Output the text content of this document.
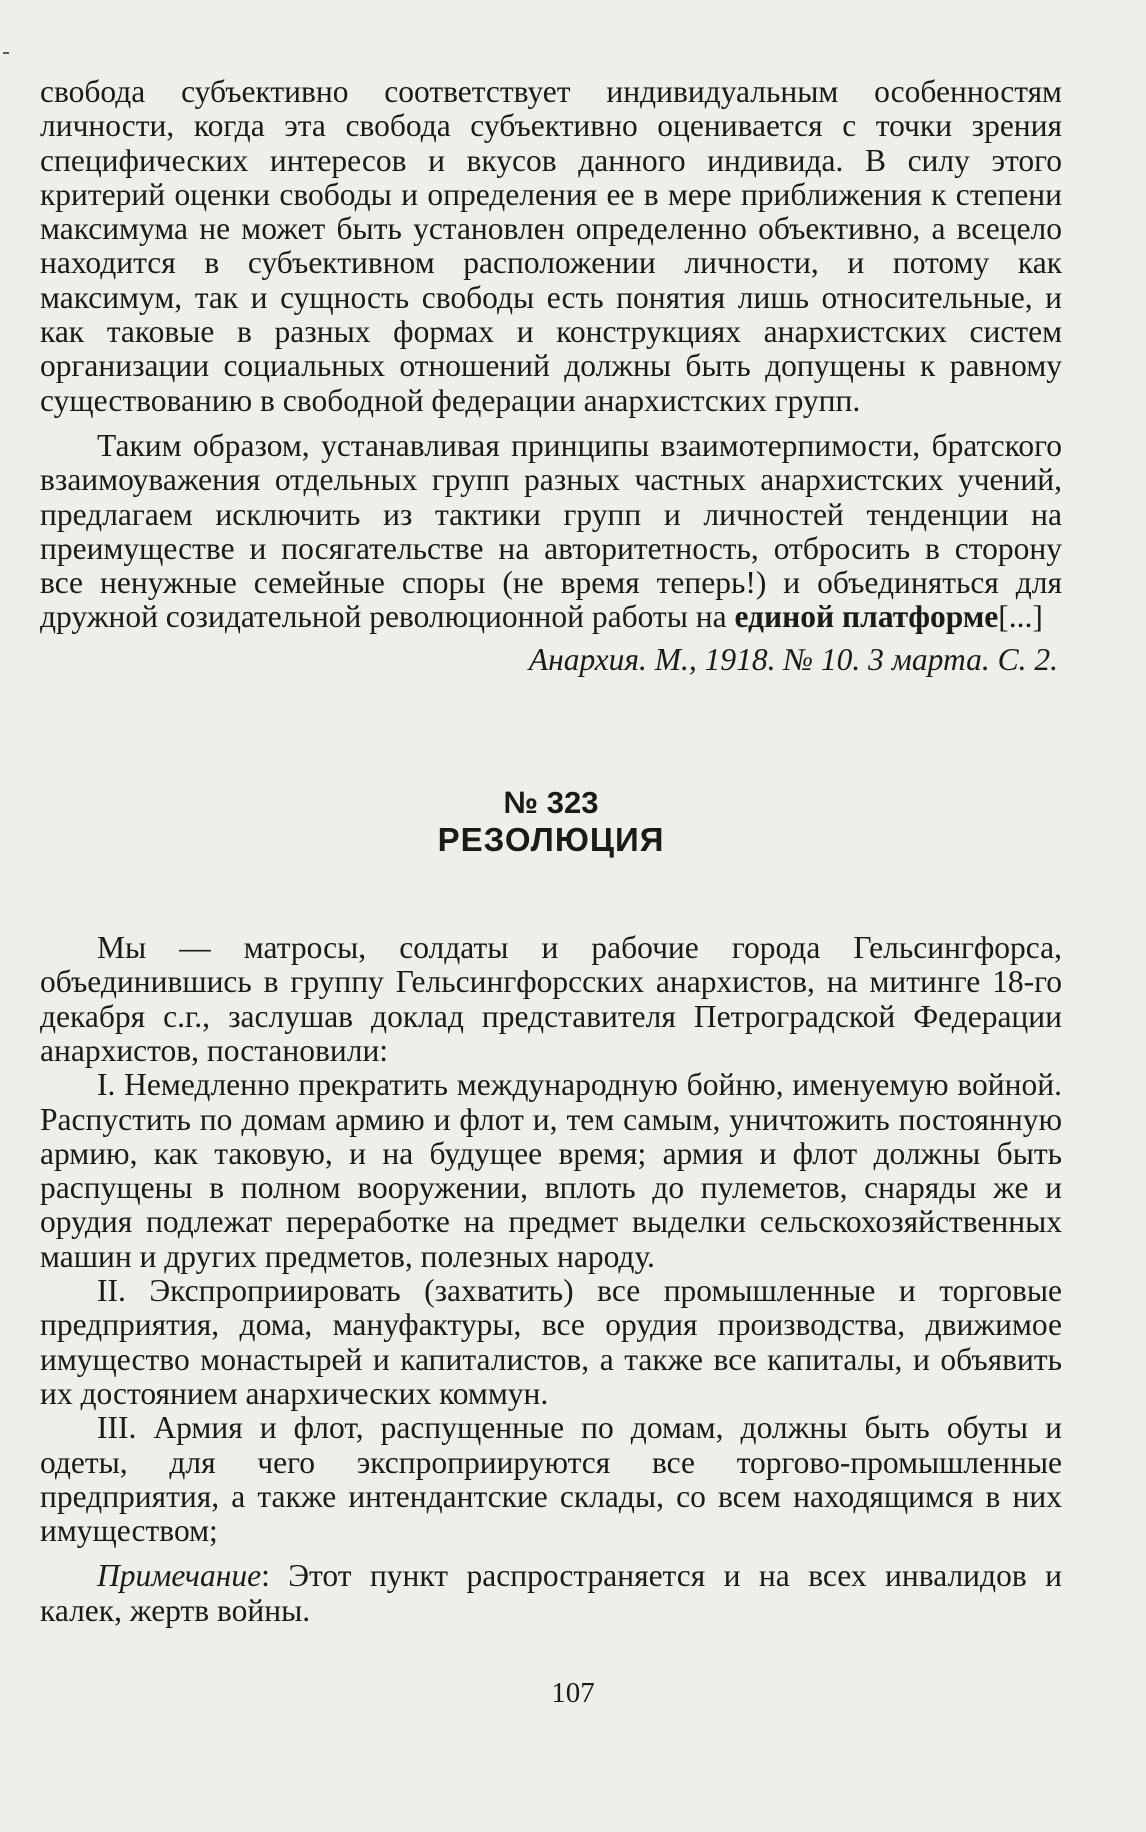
свобода субъективно соответствует индивидуальным особенностям личности, когда эта свобода субъективно оценивается с точки зрения специфических интересов и вкусов данного индивида. В силу этого критерий оценки свободы и определения ее в мере приближения к степени максимума не может быть установлен определенно объективно, а всецело находится в субъективном расположении личности, и потому как максимум, так и сущность свободы есть понятия лишь относительные, и как таковые в разных формах и конструкциях анархистских систем организации социальных отношений должны быть допущены к равному существованию в свободной федерации анархистских групп.

Таким образом, устанавливая принципы взаимотерпимости, братского взаимоуважения отдельных групп разных частных анархистских учений, предлагаем исключить из тактики групп и личностей тенденции на преимуществе и посягательстве на авторитетность, отбросить в сторону все ненужные семейные споры (не время теперь!) и объединяться для дружной созидательной революционной работы на единой платформе[...]

Анархия. М., 1918. № 10. 3 марта. С. 2.

№ 323

РЕЗОЛЮЦИЯ

Мы — матросы, солдаты и рабочие города Гельсингфорса, объединившись в группу Гельсингфорсских анархистов, на митинге 18-го декабря с.г., заслушав доклад представителя Петроградской Федерации анархистов, постановили:

I. Немедленно прекратить международную бойню, именуемую войной. Распустить по домам армию и флот и, тем самым, уничтожить постоянную армию, как таковую, и на будущее время; армия и флот должны быть распущены в полном вооружении, вплоть до пулеметов, снаряды же и орудия подлежат переработке на предмет выделки сельскохозяйственных машин и других предметов, полезных народу.

II. Экспроприировать (захватить) все промышленные и торговые предприятия, дома, мануфактуры, все орудия производства, движимое имущество монастырей и капиталистов, а также все капиталы, и объявить их достоянием анархических коммун.

III. Армия и флот, распущенные по домам, должны быть обуты и одеты, для чего экспроприируются все торгово-промышленные предприятия, а также интендантские склады, со всем находящимся в них имуществом;

Примечание: Этот пункт распространяется и на всех инвалидов и калек, жертв войны.

107
